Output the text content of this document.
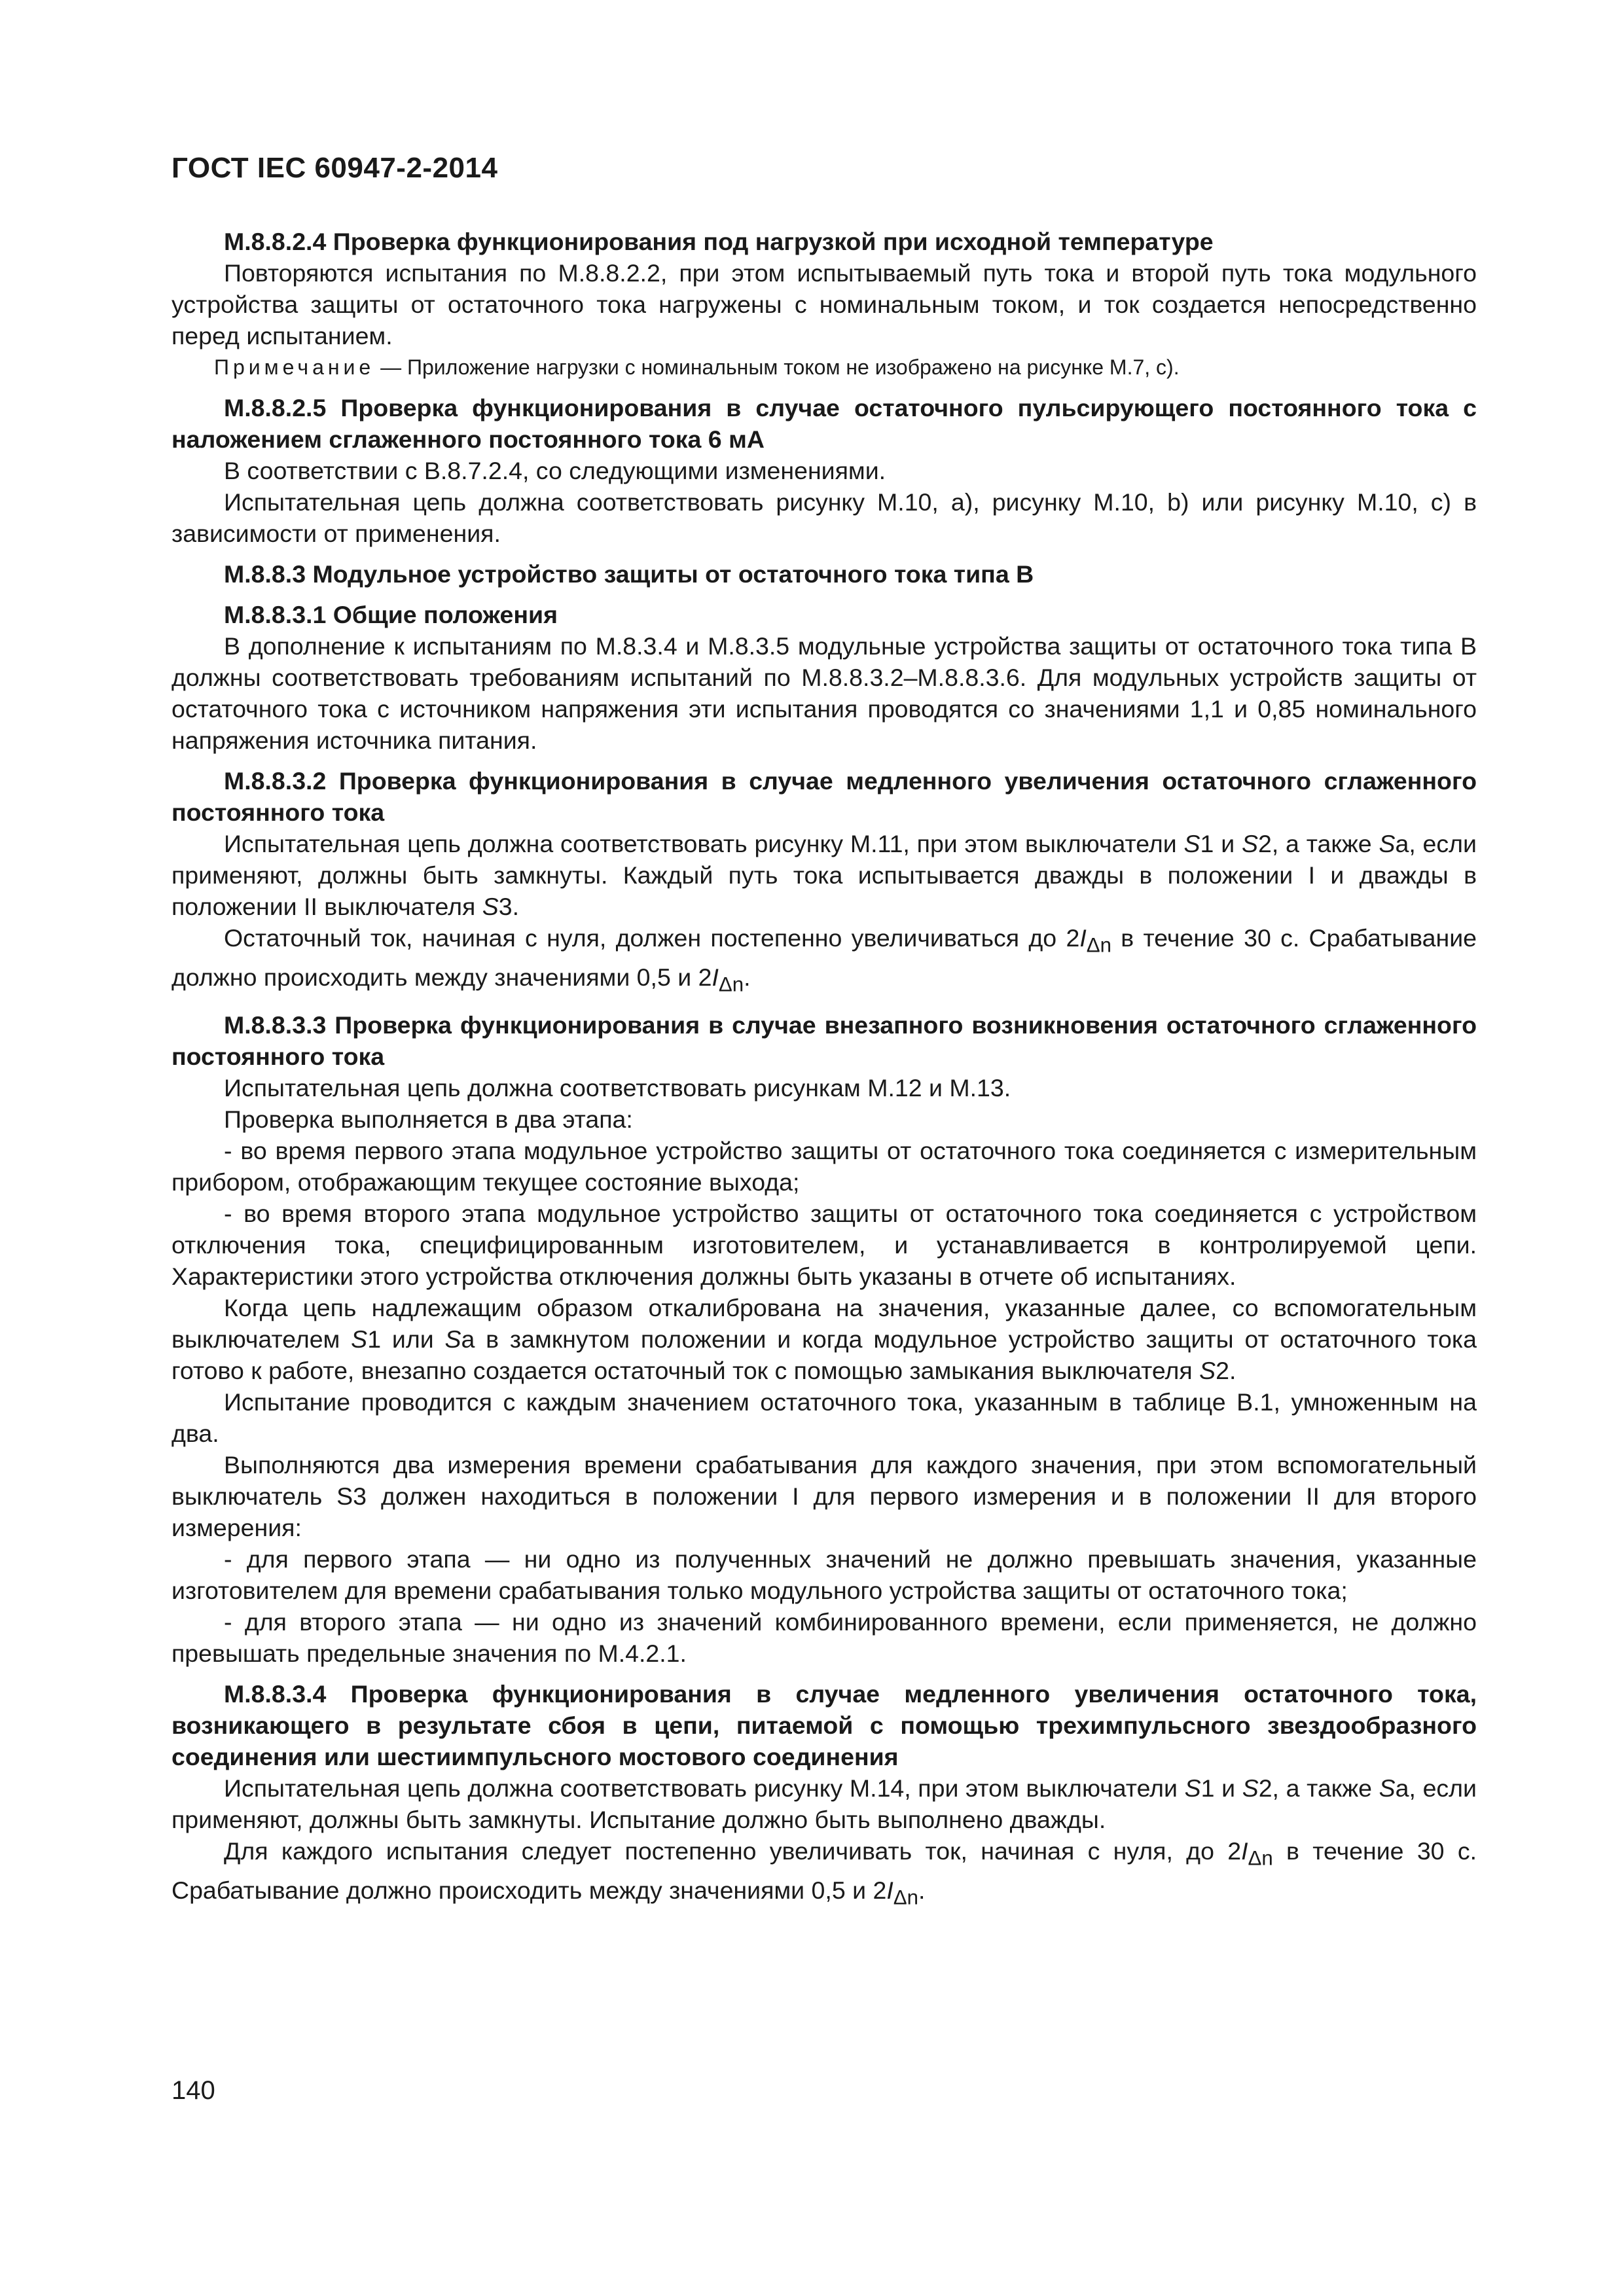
ГОСТ IEC 60947-2-2014

М.8.8.2.4 Проверка функционирования под нагрузкой при исходной температуре

Повторяются испытания по М.8.8.2.2, при этом испытываемый путь тока и второй путь тока модульного устройства защиты от остаточного тока нагружены с номинальным током, и ток создается непосредственно перед испытанием.

Примечание — Приложение нагрузки с номинальным током не изображено на рисунке М.7, с).

М.8.8.2.5 Проверка функционирования в случае остаточного пульсирующего постоянного тока с наложением сглаженного постоянного тока 6 мА

В соответствии с В.8.7.2.4, со следующими изменениями.

Испытательная цепь должна соответствовать рисунку М.10, а), рисунку М.10, b) или рисунку М.10, с) в зависимости от применения.

М.8.8.3 Модульное устройство защиты от остаточного тока типа В

М.8.8.3.1 Общие положения

В дополнение к испытаниям по М.8.3.4 и М.8.3.5 модульные устройства защиты от остаточного тока типа В должны соответствовать требованиям испытаний по М.8.8.3.2–М.8.8.3.6. Для модульных устройств защиты от остаточного тока с источником напряжения эти испытания проводятся со значениями 1,1 и 0,85 номинального напряжения источника питания.

М.8.8.3.2 Проверка функционирования в случае медленного увеличения остаточного сглаженного постоянного тока

Испытательная цепь должна соответствовать рисунку М.11, при этом выключатели S1 и S2, а также Sa, если применяют, должны быть замкнуты. Каждый путь тока испытывается дважды в положении I и дважды в положении II выключателя S3.

Остаточный ток, начиная с нуля, должен постепенно увеличиваться до $2I_{\Delta n}$ в течение 30 с. Срабатывание должно происходить между значениями 0,5 и $2I_{\Delta n}$.

М.8.8.3.3 Проверка функционирования в случае внезапного возникновения остаточного сглаженного постоянного тока

Испытательная цепь должна соответствовать рисункам М.12 и М.13.

Проверка выполняется в два этапа:

- во время первого этапа модульное устройство защиты от остаточного тока соединяется с измерительным прибором, отображающим текущее состояние выхода;

- во время второго этапа модульное устройство защиты от остаточного тока соединяется с устройством отключения тока, специфицированным изготовителем, и устанавливается в контролируемой цепи. Характеристики этого устройства отключения должны быть указаны в отчете об испытаниях.

Когда цепь надлежащим образом откалибрована на значения, указанные далее, со вспомогательным выключателем S1 или Sa в замкнутом положении и когда модульное устройство защиты от остаточного тока готово к работе, внезапно создается остаточный ток с помощью замыкания выключателя S2.

Испытание проводится с каждым значением остаточного тока, указанным в таблице В.1, умноженным на два.

Выполняются два измерения времени срабатывания для каждого значения, при этом вспомогательный выключатель S3 должен находиться в положении I для первого измерения и в положении II для второго измерения:

- для первого этапа — ни одно из полученных значений не должно превышать значения, указанные изготовителем для времени срабатывания только модульного устройства защиты от остаточного тока;

- для второго этапа — ни одно из значений комбинированного времени, если применяется, не должно превышать предельные значения по М.4.2.1.

М.8.8.3.4 Проверка функционирования в случае медленного увеличения остаточного тока, возникающего в результате сбоя в цепи, питаемой с помощью трехимпульсного звездообразного соединения или шестиимпульсного мостового соединения

Испытательная цепь должна соответствовать рисунку М.14, при этом выключатели S1 и S2, а также Sa, если применяют, должны быть замкнуты. Испытание должно быть выполнено дважды.

Для каждого испытания следует постепенно увеличивать ток, начиная с нуля, до $2I_{\Delta n}$ в течение 30 с. Срабатывание должно происходить между значениями 0,5 и $2I_{\Delta n}$.

140
